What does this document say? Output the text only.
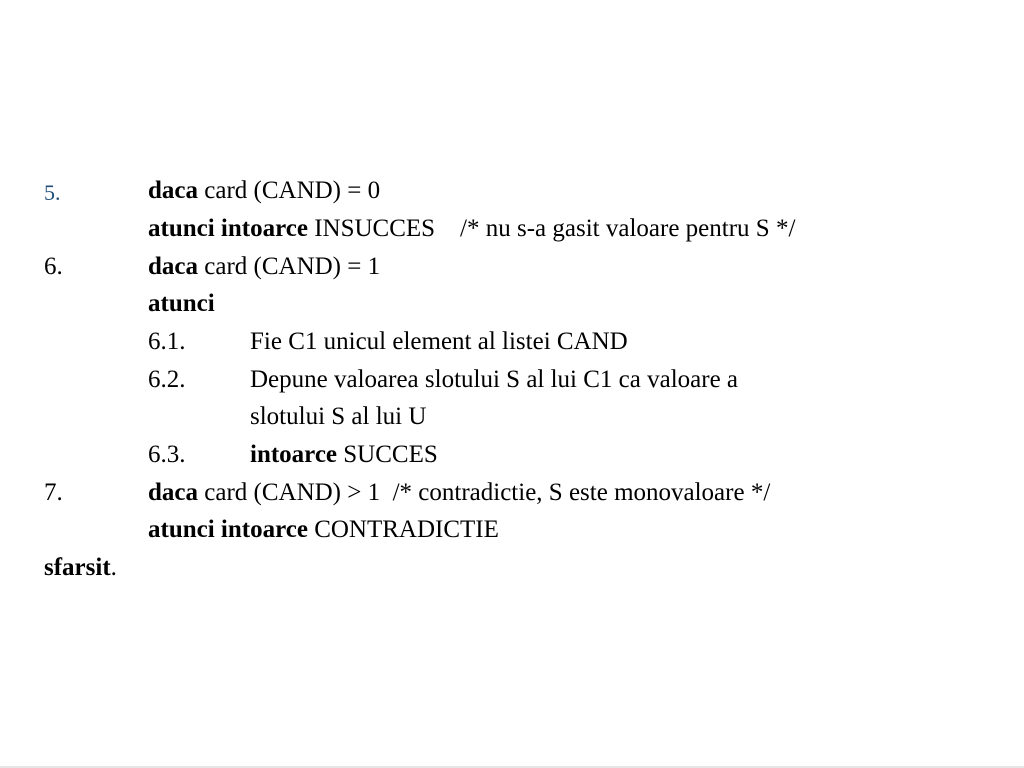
5.	daca card (CAND) = 0
atunci intoarce INSUCCES    /* nu s-a gasit valoare pentru S */
6.	daca card (CAND) = 1
atunci
6.1.	Fie C1 unicul element al listei CAND
6.2.	Depune valoarea slotului S al lui C1 ca valoare a
slotului S al lui U
6.3.	intoarce SUCCES
7.	daca card (CAND) > 1  /* contradictie, S este monovaloare */
atunci intoarce CONTRADICTIE
sfarsit.
